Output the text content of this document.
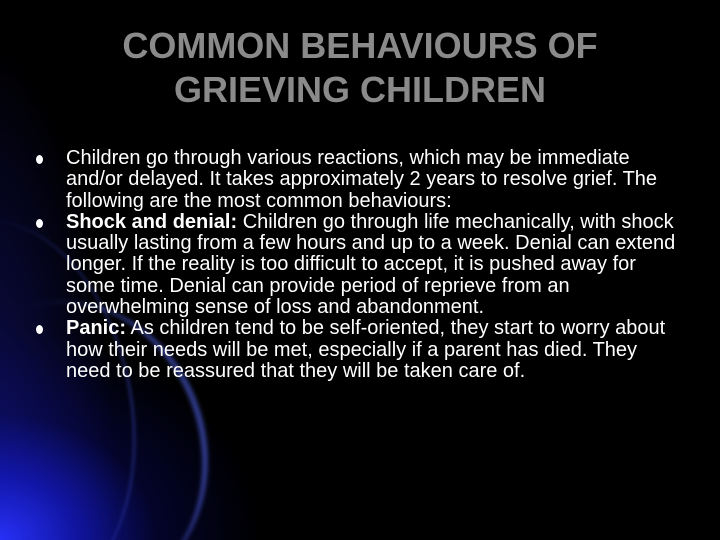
COMMON BEHAVIOURS OF
GRIEVING CHILDREN
Children go through various reactions, which may be immediate and/or delayed. It takes approximately 2 years to resolve grief. The following are the most common behaviours:
Shock and denial: Children go through life mechanically, with shock usually lasting from a few hours and up to a week. Denial can extend longer. If the reality is too difficult to accept, it is pushed away for some time. Denial can provide period of reprieve from an overwhelming sense of loss and abandonment.
Panic: As children tend to be self-oriented, they start to worry about how their needs will be met, especially if a parent has died. They need to be reassured that they will be taken care of.
